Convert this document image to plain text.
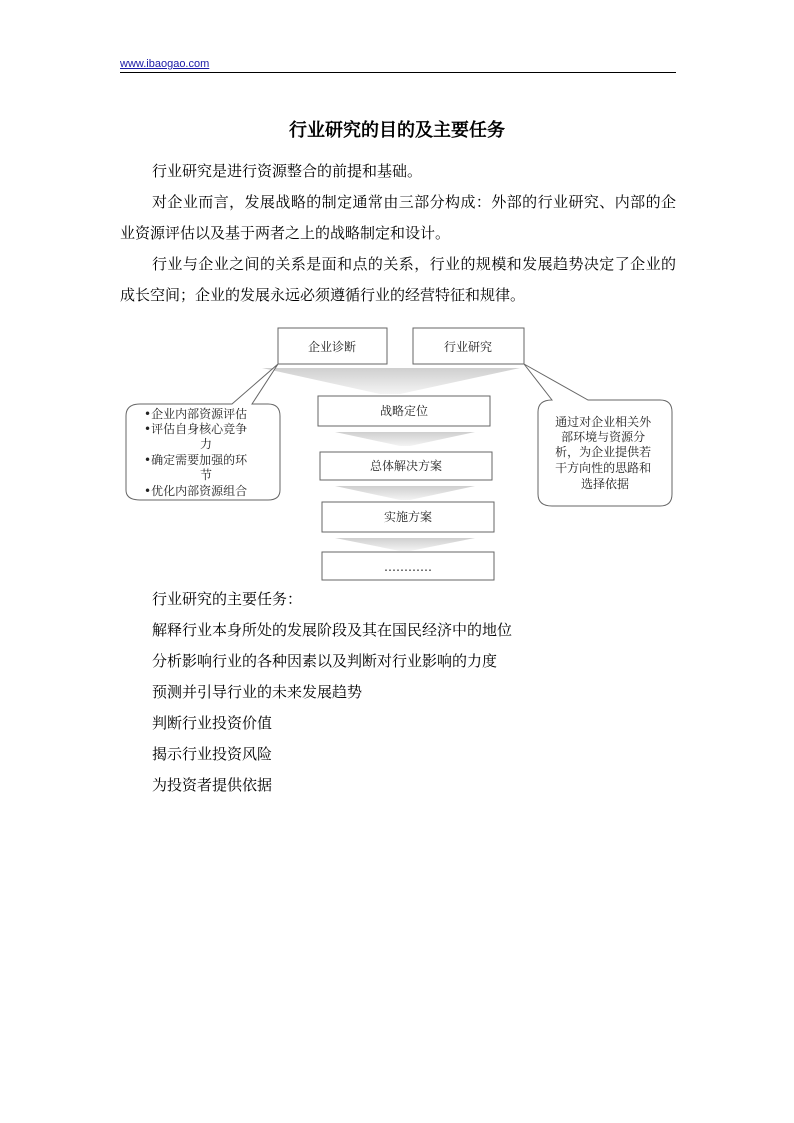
www.ibaogao.com
行业研究的目的及主要任务

行业研究是进行资源整合的前提和基础。

对企业而言，发展战略的制定通常由三部分构成：外部的行业研究、内部的企业资源评估以及基于两者之上的战略制定和设计。

行业与企业之间的关系是面和点的关系，行业的规模和发展趋势决定了企业的成长空间；企业的发展永远必须遵循行业的经营特征和规律。

企业诊断	行业研究
•企业内部资源评估 •评估自身核心竞争 力 •确定需要加强的环 节 •优化内部资源组合
通过对企业相关外 部环境与资源分 析，为企业提供若 干方向性的思路和 选择依据
战略定位
总体解决方案
实施方案
…………
行业研究的主要任务：
解释行业本身所处的发展阶段及其在国民经济中的地位
分析影响行业的各种因素以及判断对行业影响的力度
预测并引导行业的未来发展趋势
判断行业投资价值
揭示行业投资风险
为投资者提供依据
